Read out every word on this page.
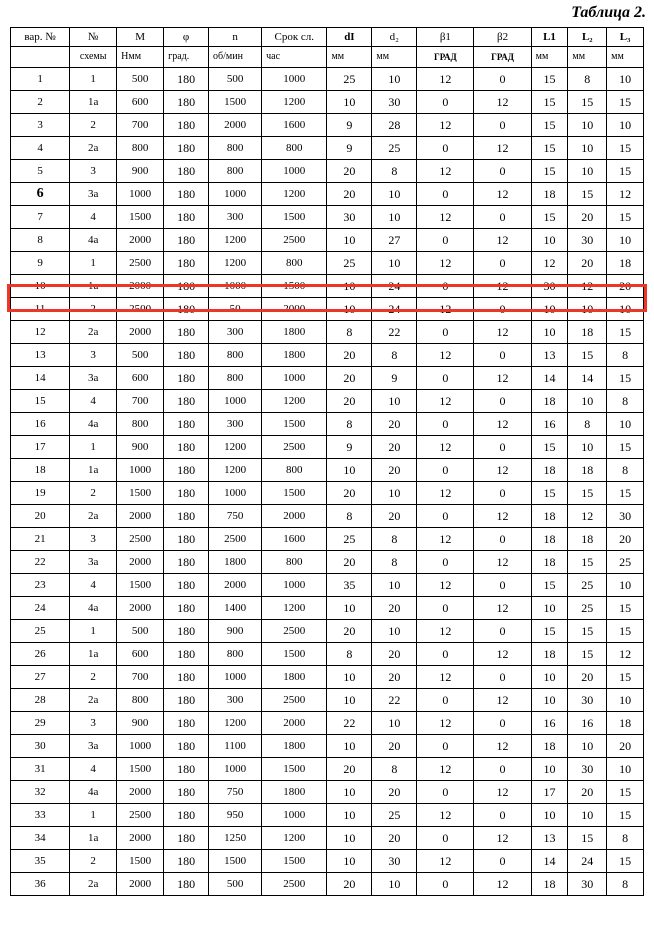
Таблица 2.
вар. №	№	M	φ	n	Срок сл.	dI	d₂	β1	β2	L1	L₂	L₃
	схемы	Нмм	град.	об/мин	час	мм	мм	ГРАД	ГРАД	мм	мм	мм
1	1	500	180	500	1000	25	10	12	0	15	8	10
2	1a	600	180	1500	1200	10	30	0	12	15	15	15
3	2	700	180	2000	1600	9	28	12	0	15	10	10
4	2a	800	180	800	800	9	25	0	12	15	10	15
5	3	900	180	800	1000	20	8	12	0	15	10	15
6	3a	1000	180	1000	1200	20	10	0	12	18	15	12
7	4	1500	180	300	1500	30	10	12	0	15	20	15
8	4a	2000	180	1200	2500	10	27	0	12	10	30	10
9	1	2500	180	1200	800	25	10	12	0	12	20	18
10	1a	2000	180	1000	1500	10	24	0	12	30	12	20
11	2	2500	180	50	2000	10	24	12	0	10	10	10
12	2a	2000	180	300	1800	8	22	0	12	10	18	15
13	3	500	180	800	1800	20	8	12	0	13	15	8
14	3a	600	180	800	1000	20	9	0	12	14	14	15
15	4	700	180	1000	1200	20	10	12	0	18	10	8
16	4a	800	180	300	1500	8	20	0	12	16	8	10
17	1	900	180	1200	2500	9	20	12	0	15	10	15
18	1a	1000	180	1200	800	10	20	0	12	18	18	8
19	2	1500	180	1000	1500	20	10	12	0	15	15	15
20	2a	2000	180	750	2000	8	20	0	12	18	12	30
21	3	2500	180	2500	1600	25	8	12	0	18	18	20
22	3a	2000	180	1800	800	20	8	0	12	18	15	25
23	4	1500	180	2000	1000	35	10	12	0	15	25	10
24	4a	2000	180	1400	1200	10	20	0	12	10	25	15
25	1	500	180	900	2500	20	10	12	0	15	15	15
26	1a	600	180	800	1500	8	20	0	12	18	15	12
27	2	700	180	1000	1800	10	20	12	0	10	20	15
28	2a	800	180	300	2500	10	22	0	12	10	30	10
29	3	900	180	1200	2000	22	10	12	0	16	16	18
30	3a	1000	180	1100	1800	10	20	0	12	18	10	20
31	4	1500	180	1000	1500	20	8	12	0	10	30	10
32	4a	2000	180	750	1800	10	20	0	12	17	20	15
33	1	2500	180	950	1000	10	25	12	0	10	10	15
34	1a	2000	180	1250	1200	10	20	0	12	13	15	8
35	2	1500	180	1500	1500	10	30	12	0	14	24	15
36	2a	2000	180	500	2500	20	10	0	12	18	30	8
